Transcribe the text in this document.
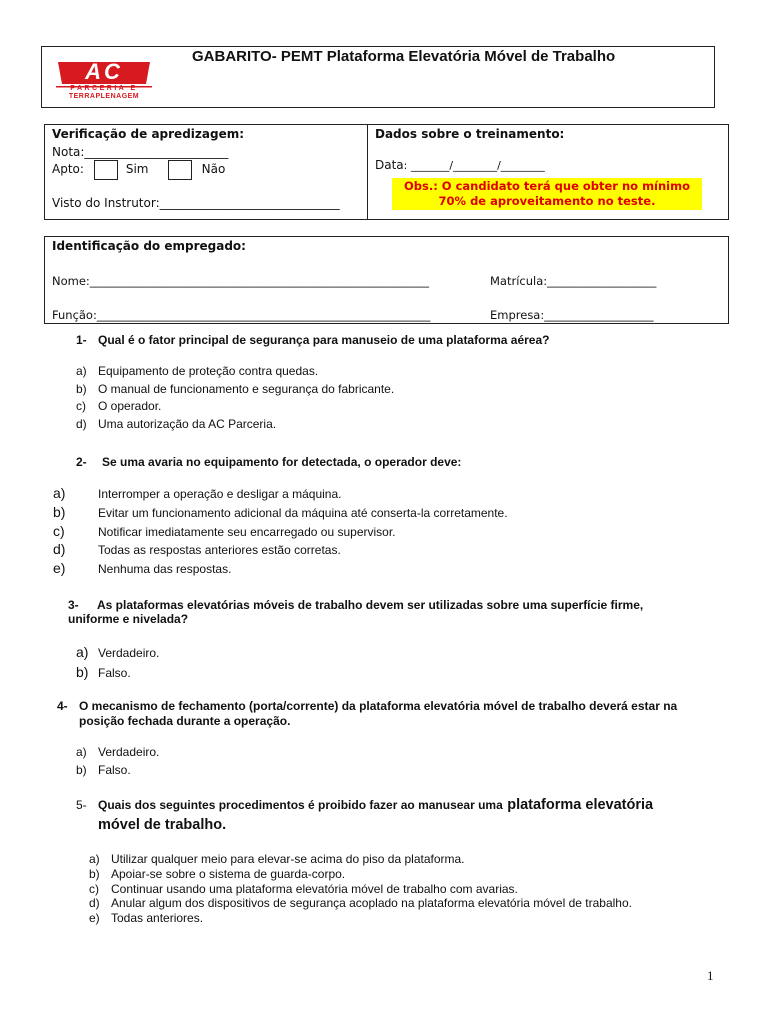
AC
PARCERIA E
TERRAPLENAGEM
GABARITO- PEMT Plataforma Elevatória Móvel de Trabalho
Verificação de apredizagem:
Nota:________________________
Apto:	Sim	Não
Visto do Instrutor:______________________________
Dados sobre o treinamento:
Data: _______/________/________
Obs.: O candidato terá que obter no mínimo 70% de aproveitamento no teste.
Identificação do empregado:
Nome:___________________________________________________________	Matrícula:___________________
Função:__________________________________________________________	Empresa:___________________
1- Qual é o fator principal de segurança para manuseio de uma plataforma aérea?
a) Equipamento de proteção contra quedas.
b) O manual de funcionamento e segurança do fabricante.
c) O operador.
d) Uma autorização da AC Parceria.
2- Se uma avaria no equipamento for detectada, o operador deve:
a)	Interromper a operação e desligar a máquina.
b)	Evitar um funcionamento adicional da máquina até conserta-la corretamente.
c)	Notificar imediatamente seu encarregado ou supervisor.
d)	Todas as respostas anteriores estão corretas.
e)	Nenhuma das respostas.
3- As plataformas elevatórias móveis de trabalho devem ser utilizadas sobre uma superfície firme,
uniforme e nivelada?
a) Verdadeiro.
b) Falso.
4- O mecanismo de fechamento (porta/corrente) da plataforma elevatória móvel de trabalho deverá estar na
posição fechada durante a operação.
a) Verdadeiro.
b) Falso.
5- Quais dos seguintes procedimentos é proibido fazer ao manusear uma plataforma elevatória
móvel de trabalho.
a) Utilizar qualquer meio para elevar-se acima do piso da plataforma.
b) Apoiar-se sobre o sistema de guarda-corpo.
c) Continuar usando uma plataforma elevatória móvel de trabalho com avarias.
d) Anular algum dos dispositivos de segurança acoplado na plataforma elevatória móvel de trabalho.
e) Todas anteriores.
1
